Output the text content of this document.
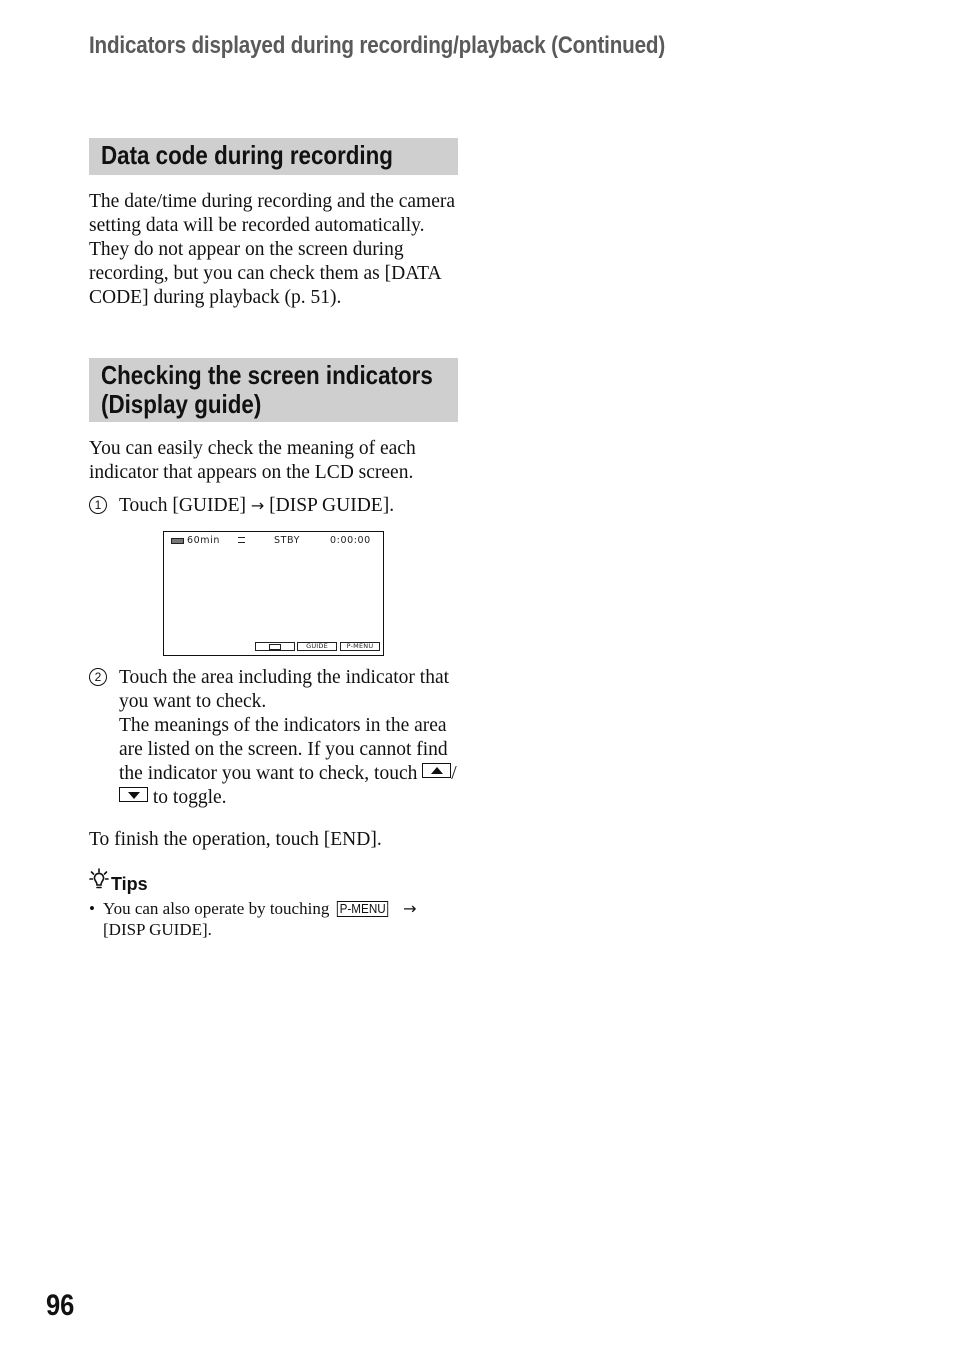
Indicators displayed during recording/playback (Continued)
Data code during recording

The date/time during recording and the camera setting data will be recorded automatically. They do not appear on the screen during recording, but you can check them as [DATA CODE] during playback (p. 51).

Checking the screen indicators
(Display guide)

You can easily check the meaning of each indicator that appears on the LCD screen.

1 Touch [GUIDE] → [DISP GUIDE].
60min	STBY	0:00:00
GUIDE	P-MENU
2 Touch the area including the indicator that you want to check.
The meanings of the indicators in the area are listed on the screen. If you cannot find the indicator you want to check, touch /
to toggle.

To finish the operation, touch [END].

Tips
• You can also operate by touching P-MENU →
[DISP GUIDE].
96
